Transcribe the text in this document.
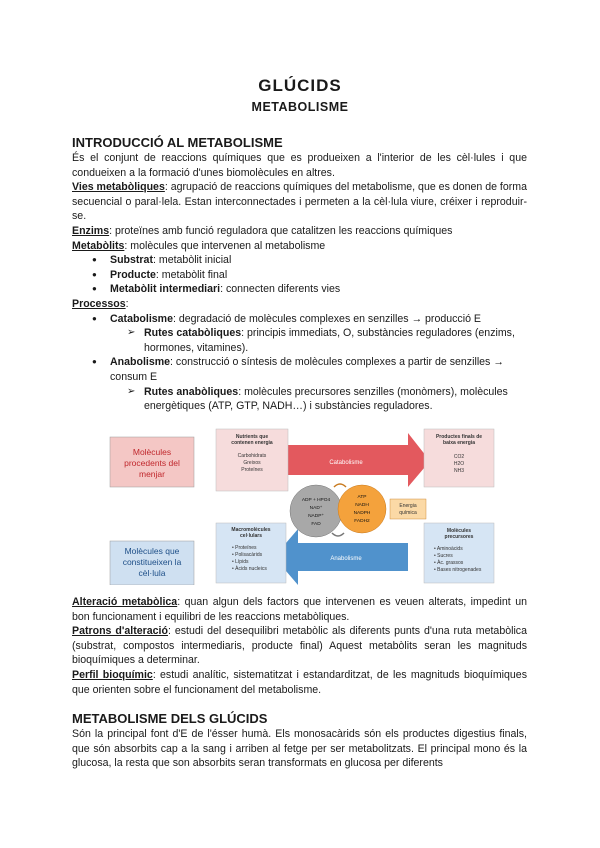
GLÚCIDS
METABOLISME
INTRODUCCIÓ AL METABOLISME

És el conjunt de reaccions químiques que es produeixen a l'interior de les cèl·lules i que condueixen a la formació d'unes biomolècules en altres.

Vies metabòliques: agrupació de reaccions químiques del metabolisme, que es donen de forma secuencial o paral·lela. Estan interconnectades i permeten a la cèl·lula viure, créixer i reproduir-se.

Enzims: proteïnes amb funció reguladora que catalitzen les reaccions químiques

Metabòlits: molècules que intervenen al metabolisme

● Substrat: metabòlit inicial
● Producte: metabòlit final
● Metabòlit intermediari: connecten diferents vies

Processos:

● Catabolisme: degradació de molècules complexes en senzilles → producció E
➢ Rutes catabòliques: principis immediats, O, substàncies reguladores (enzims, hormones, vitamines).
● Anabolisme: construcció o síntesis de molècules complexes a partir de senzilles → consum E
➢ Rutes anabòliques: molècules precursores senzilles (monòmers), molècules energètiques (ATP, GTP, NADH…) i substàncies reguladores.
Molècules
procedents del
menjar
Molècules que
constitueixen la
cèl·lula
Catabolisme
Anabolisme
Nutrients que
contenen energia
Carbohidrats
Greixos
Proteïnes
Productes finals de
baixa energia
CO2
H2O
NH3
ADP + HPO4
NAD⁺
NADP⁺
FAD
ATP
NADH
NADPH
FADH2
Energia
química
Macromolècules
cel·lulars
• Proteïnes
• Polisacàrids
• Lípids
• Àcids nucleics
Molècules
precursores
• Aminoàcids
• Sucres
• Àc. grassos
• Bases nitrogenades

Alteració metabòlica: quan algun dels factors que intervenen es veuen alterats, impedint un bon funcionament i equilibri de les reaccions metabòliques.

Patrons d'alteració: estudi del desequilibri metabòlic als diferents punts d'una ruta metabòlica (substrat, compostos intermediaris, producte final) Aquest metabòlits seran les magnituds bioquímiques a determinar.

Perfil bioquímic: estudi analític, sistematitzat i estandarditzat, de les magnituds bioquímiques que orienten sobre el funcionament del metabolisme.

METABOLISME DELS GLÚCIDS

Són la principal font d'E de l'ésser humà. Els monosacàrids són els productes digestius finals, que són absorbits cap a la sang i arriben al fetge per ser metabolitzats. El principal mono és la glucosa, la resta que son absorbits seran transformats en glucosa per diferents
